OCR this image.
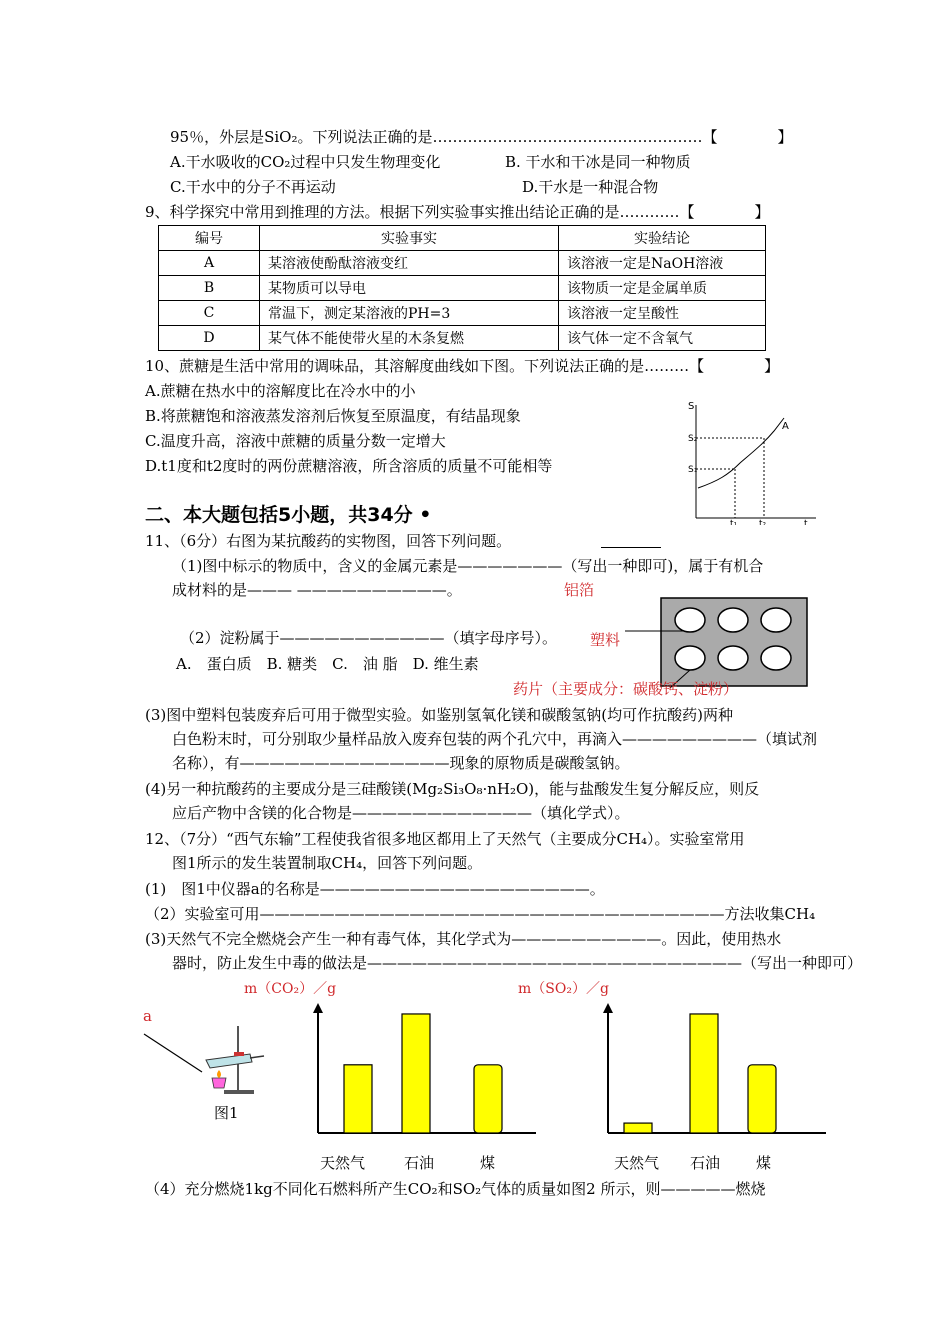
95％，外层是SiO₂。下列说法正确的是………………………………………………【　　　　】
A.干水吸收的CO₂过程中只发生物理变化	B. 干水和干冰是同一种物质
C.干水中的分子不再运动	D.干水是一种混合物
9、科学探究中常用到推理的方法。根据下列实验事实推出结论正确的是…………【　　　　】
编号	实验事实	实验结论
A	某溶液使酚酞溶液变红	该溶液一定是NaOH溶液
B	某物质可以导电	该物质一定是金属单质
C	常温下，测定某溶液的PH=3	该溶液一定呈酸性
D	某气体不能使带火星的木条复燃	该气体一定不含氧气
10、蔗糖是生活中常用的调味品，其溶解度曲线如下图。下列说法正确的是………【　　　　】
A.蔗糖在热水中的溶解度比在冷水中的小
B.将蔗糖饱和溶液蒸发溶剂后恢复至原温度，有结晶现象
C.温度升高，溶液中蔗糖的质量分数一定增大
D.t1度和t2度时的两份蔗糖溶液，所含溶质的质量不可能相等
S
S₂
S₁
A
t₁ t₂	t
二、本大题包括5小题，共34分 •
11、（6分）右图为某抗酸药的实物图，回答下列问题。
（1)图中标示的物质中，含义的金属元素是———————（写出一种即可)，属于有机合
成材料的是——— ——————————。	铝箔
（2）淀粉属于———————————（填字母序号）。 塑料
A.　蛋白质　B. 糖类　C.　油 脂　D. 维生素
药片（主要成分：碳酸钙、淀粉）
(3)图中塑料包装废弃后可用于微型实验。如鉴别氢氧化镁和碳酸氢钠(均可作抗酸药)两种
白色粉末时，可分别取少量样品放入废弃包装的两个孔穴中，再滴入—————————（填试剂
名称），有——————————————现象的原物质是碳酸氢钠。
(4)另一种抗酸药的主要成分是三硅酸镁(Mg₂Si₃O₈·nH₂O)，能与盐酸发生复分解反应，则反
应后产物中含镁的化合物是————————————（填化学式）。
12、（7分）“西气东输”工程使我省很多地区都用上了天然气（主要成分CH₄）。实验室常用
图1所示的发生装置制取CH₄，回答下列问题。
(1)　图1中仪器a的名称是——————————————————。
（2）实验室可用———————————————————————————————方法收集CH₄
(3)天然气不完全燃烧会产生一种有毒气体，其化学式为——————————。因此，使用热水
器时，防止发生中毒的做法是—————————————————————————（写出一种即可）
a
图1
m（CO₂）／g	m（SO₂）／g
天然气	石油	煤	天然气 石油 煤
（4）充分燃烧1kg不同化石燃料所产生CO₂和SO₂气体的质量如图2 所示，则—————燃烧
